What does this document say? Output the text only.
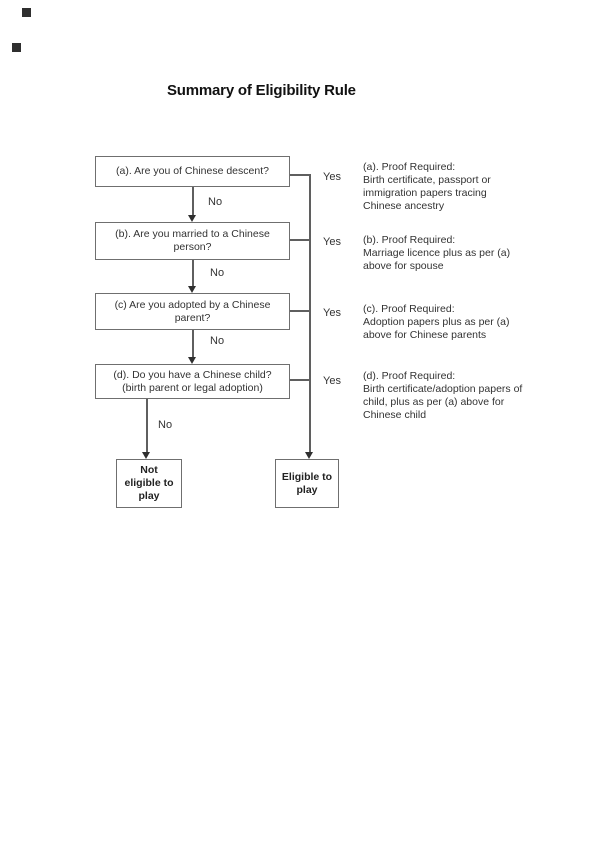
Summary of Eligibility Rule
(a). Are you of Chinese descent?
(b). Are you married to a Chinese
person?
(c) Are you adopted by a Chinese
parent?
(d). Do you have a Chinese child?
(birth parent or legal adoption)
No
No
No
No
Yes
Yes
Yes
Yes
(a). Proof Required:
Birth certificate, passport or
immigration papers tracing
Chinese ancestry
(b). Proof Required:
Marriage licence plus as per (a)
above for spouse
(c). Proof Required:
Adoption papers plus as per (a)
above for Chinese parents
(d). Proof Required:
Birth certificate/adoption papers of
child, plus as per (a) above for
Chinese child
Not
eligible to
play
Eligible to
play
